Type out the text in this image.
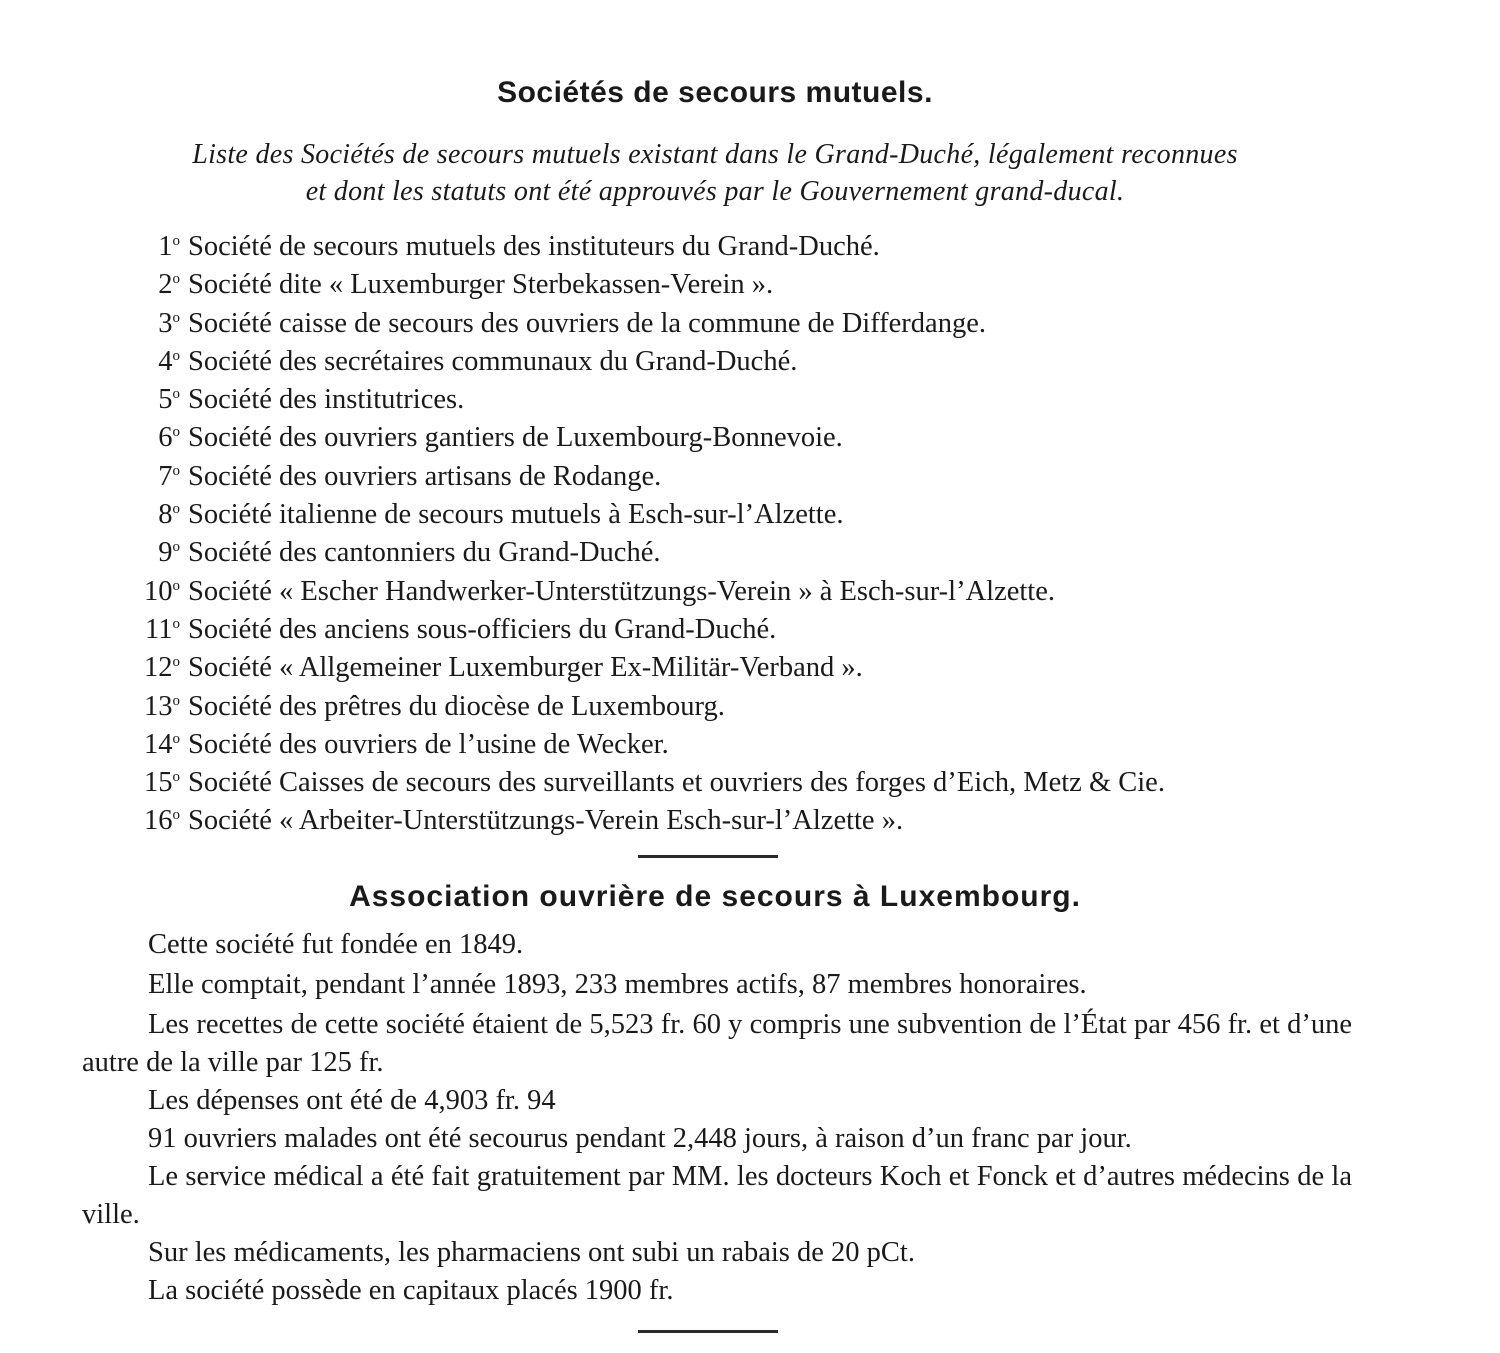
Sociétés de secours mutuels.
Liste des Sociétés de secours mutuels existant dans le Grand-Duché, légalement reconnues
et dont les statuts ont été approuvés par le Gouvernement grand-ducal.
1$^o$ Société de secours mutuels des instituteurs du Grand-Duché.
2$^o$ Société dite « Luxemburger Sterbekassen-Verein ».
3$^o$ Société caisse de secours des ouvriers de la commune de Differdange.
4$^o$ Société des secrétaires communaux du Grand-Duché.
5$^o$ Société des institutrices.
6$^o$ Société des ouvriers gantiers de Luxembourg-Bonnevoie.
7$^o$ Société des ouvriers artisans de Rodange.
8$^o$ Société italienne de secours mutuels à Esch-sur-l’Alzette.
9$^o$ Société des cantonniers du Grand-Duché.
10$^o$ Société « Escher Handwerker-Unterstützungs-Verein » à Esch-sur-l’Alzette.
11$^o$ Société des anciens sous-officiers du Grand-Duché.
12$^o$ Société « Allgemeiner Luxemburger Ex-Militär-Verband ».
13$^o$ Société des prêtres du diocèse de Luxembourg.
14$^o$ Société des ouvriers de l’usine de Wecker.
15$^o$ Société Caisses de secours des surveillants et ouvriers des forges d’Eich, Metz & Cie.
16$^o$ Société « Arbeiter-Unterstützungs-Verein Esch-sur-l’Alzette ».
Association ouvrière de secours à Luxembourg.

Cette société fut fondée en 1849.

Elle comptait, pendant l’année 1893, 233 membres actifs, 87 membres honoraires.

Les recettes de cette société étaient de 5,523 fr. 60 y compris une subvention de l’État par 456 fr. et d’une autre de la ville par 125 fr.

Les dépenses ont été de 4,903 fr. 94

91 ouvriers malades ont été secourus pendant 2,448 jours, à raison d’un franc par jour.

Le service médical a été fait gratuitement par MM. les docteurs Koch et Fonck et d’autres médecins de la ville.

Sur les médicaments, les pharmaciens ont subi un rabais de 20 pCt.

La société possède en capitaux placés 1900 fr.
